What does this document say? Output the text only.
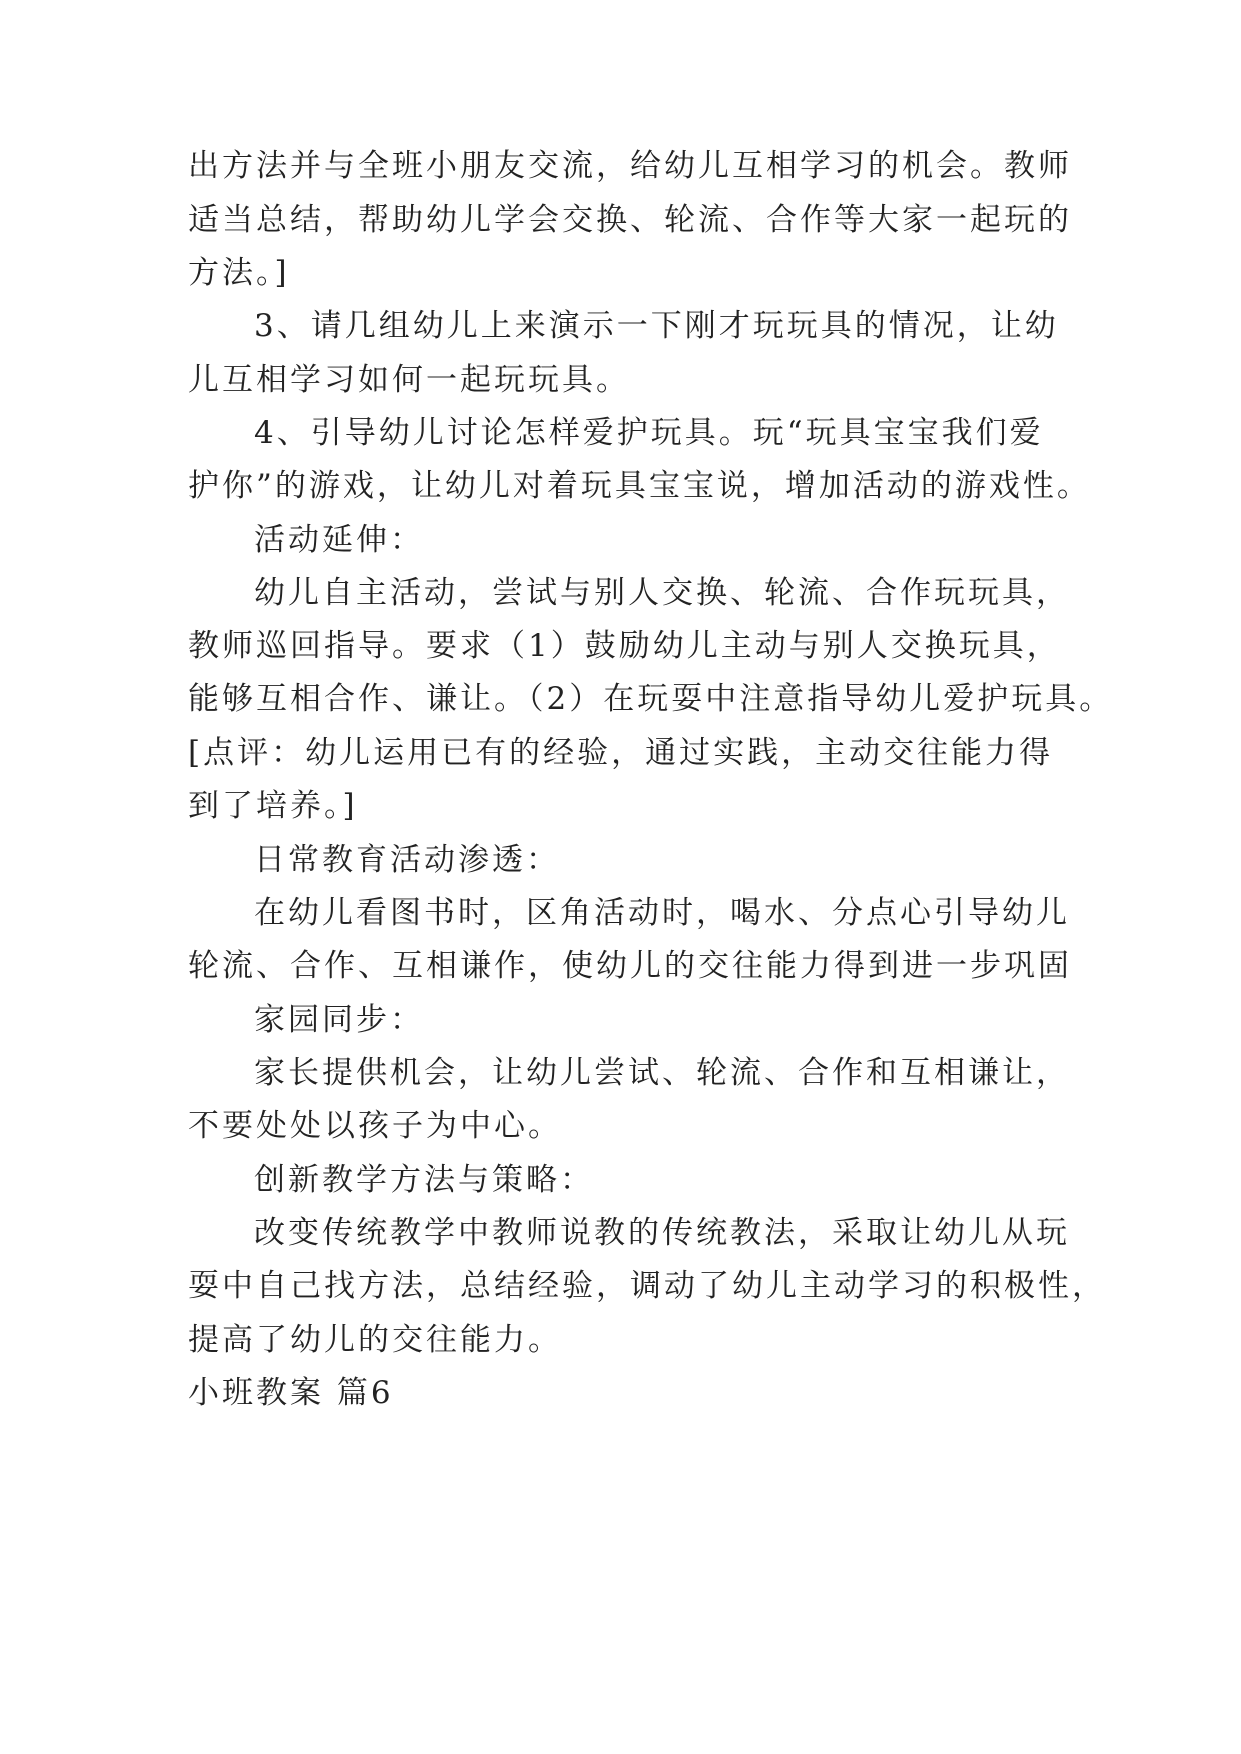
出方法并与全班小朋友交流，给幼儿互相学习的机会。教师
适当总结，帮助幼儿学会交换、轮流、合作等大家一起玩的
方法。]
3、请几组幼儿上来演示一下刚才玩玩具的情况，让幼
儿互相学习如何一起玩玩具。
4、引导幼儿讨论怎样爱护玩具。玩“玩具宝宝我们爱
护你”的游戏，让幼儿对着玩具宝宝说，增加活动的游戏性。
活动延伸：
幼儿自主活动，尝试与别人交换、轮流、合作玩玩具，
教师巡回指导。要求（1）鼓励幼儿主动与别人交换玩具，
能够互相合作、谦让。（2）在玩耍中注意指导幼儿爱护玩具。
[点评：幼儿运用已有的经验，通过实践，主动交往能力得
到了培养。]
日常教育活动渗透：
在幼儿看图书时，区角活动时，喝水、分点心引导幼儿
轮流、合作、互相谦作，使幼儿的交往能力得到进一步巩固
家园同步：
家长提供机会，让幼儿尝试、轮流、合作和互相谦让，
不要处处以孩子为中心。
创新教学方法与策略：
改变传统教学中教师说教的传统教法，采取让幼儿从玩
耍中自己找方法，总结经验，调动了幼儿主动学习的积极性，
提高了幼儿的交往能力。
小班教案 篇6
